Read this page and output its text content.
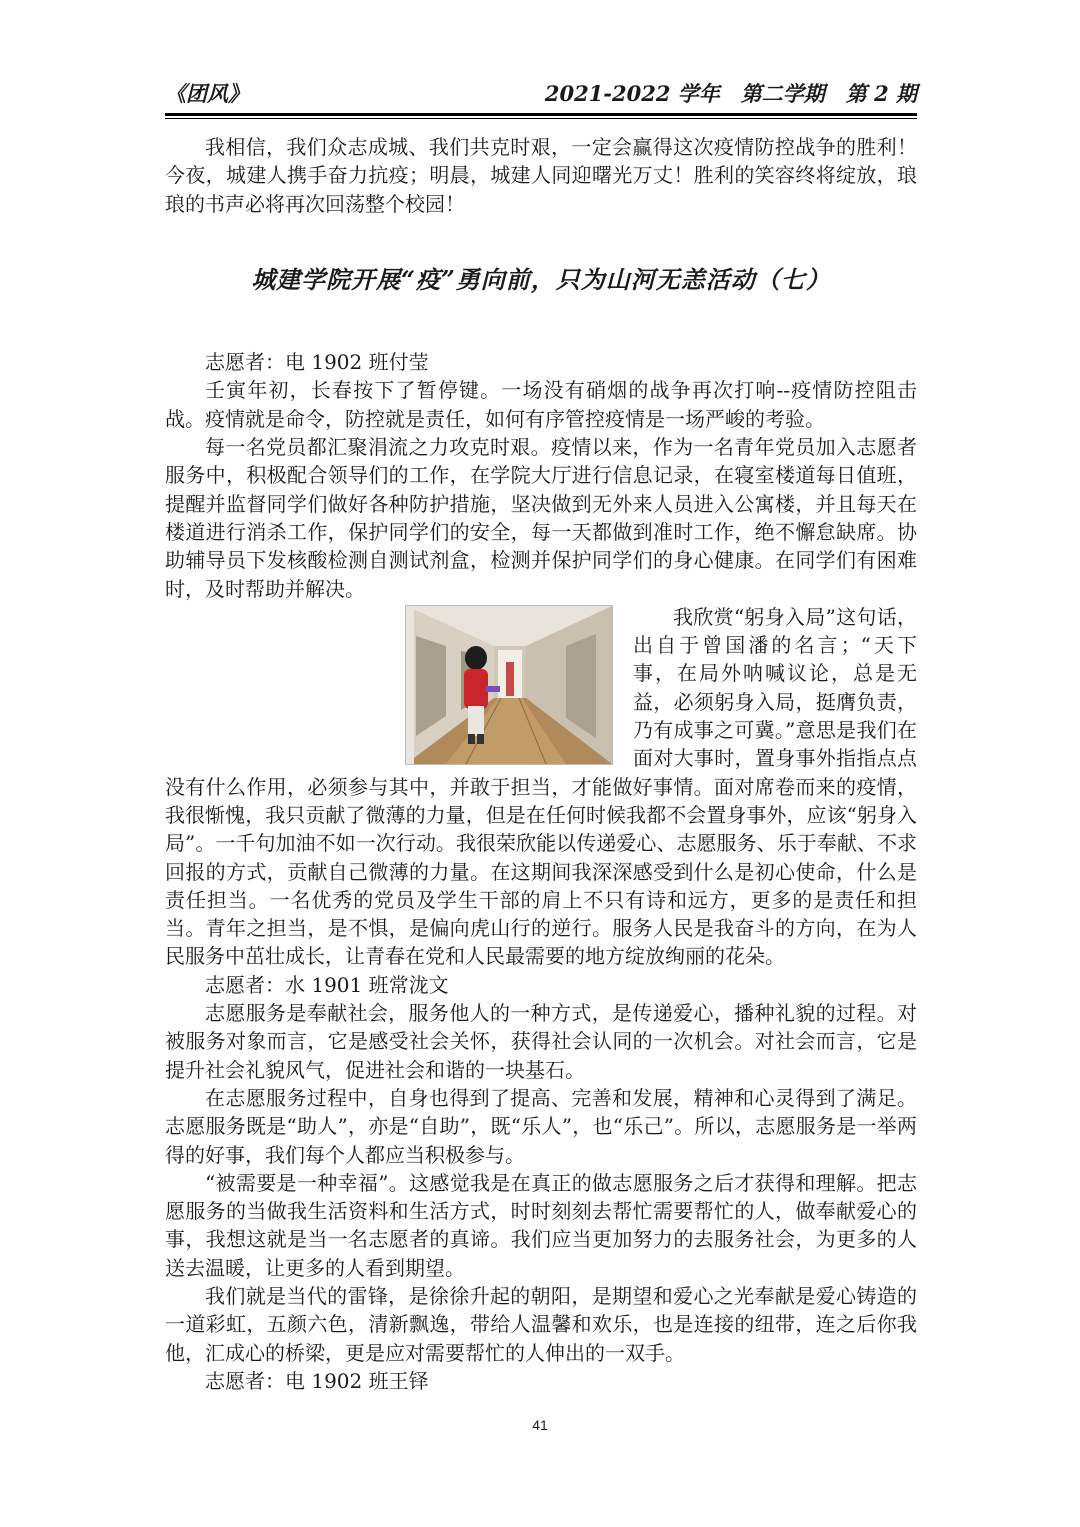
《团风》	2021-2022 学年　第二学期　第 2 期

我相信，我们众志成城、我们共克时艰，一定会赢得这次疫情防控战争的胜利！今夜，城建人携手奋力抗疫；明晨，城建人同迎曙光万丈！胜利的笑容终将绽放，琅琅的书声必将再次回荡整个校园！

城建学院开展“疫”勇向前，只为山河无恙活动（七）

志愿者：电 1902 班付莹

壬寅年初，长春按下了暂停键。一场没有硝烟的战争再次打响--疫情防控阻击战。疫情就是命令，防控就是责任，如何有序管控疫情是一场严峻的考验。

每一名党员都汇聚涓流之力攻克时艰。疫情以来，作为一名青年党员加入志愿者服务中，积极配合领导们的工作，在学院大厅进行信息记录，在寝室楼道每日值班，提醒并监督同学们做好各种防护措施，坚决做到无外来人员进入公寓楼，并且每天在楼道进行消杀工作，保护同学们的安全，每一天都做到准时工作，绝不懈怠缺席。协助辅导员下发核酸检测自测试剂盒，检测并保护同学们的身心健康。在同学们有困难时，及时帮助并解决。

我欣赏“躬身入局”这句话，出自于曾国潘的名言；“天下事，在局外呐喊议论，总是无益，必须躬身入局，挺膺负责，乃有成事之可冀。”意思是我们在面对大事时，置身事外指指点点没有什么作用，必须参与其中，并敢于担当，才能做好事情。面对席卷而来的疫情，我很惭愧，我只贡献了微薄的力量，但是在任何时候我都不会置身事外，应该“躬身入局”。一千句加油不如一次行动。我很荣欣能以传递爱心、志愿服务、乐于奉献、不求回报的方式，贡献自己微薄的力量。在这期间我深深感受到什么是初心使命，什么是责任担当。一名优秀的党员及学生干部的肩上不只有诗和远方，更多的是责任和担当。青年之担当，是不惧，是偏向虎山行的逆行。服务人民是我奋斗的方向，在为人民服务中茁壮成长，让青春在党和人民最需要的地方绽放绚丽的花朵。

志愿者：水 1901 班常泷文

志愿服务是奉献社会，服务他人的一种方式，是传递爱心，播种礼貌的过程。对被服务对象而言，它是感受社会关怀，获得社会认同的一次机会。对社会而言，它是提升社会礼貌风气，促进社会和谐的一块基石。

在志愿服务过程中，自身也得到了提高、完善和发展，精神和心灵得到了满足。志愿服务既是“助人”，亦是“自助”，既“乐人”，也“乐己”。所以，志愿服务是一举两得的好事，我们每个人都应当积极参与。

“被需要是一种幸福”。这感觉我是在真正的做志愿服务之后才获得和理解。把志愿服务的当做我生活资料和生活方式，时时刻刻去帮忙需要帮忙的人，做奉献爱心的事，我想这就是当一名志愿者的真谛。我们应当更加努力的去服务社会，为更多的人送去温暖，让更多的人看到期望。

我们就是当代的雷锋，是徐徐升起的朝阳，是期望和爱心之光奉献是爱心铸造的一道彩虹，五颜六色，清新飘逸，带给人温馨和欢乐，也是连接的纽带，连之后你我他，汇成心的桥梁，更是应对需要帮忙的人伸出的一双手。

志愿者：电 1902 班王铎

41
